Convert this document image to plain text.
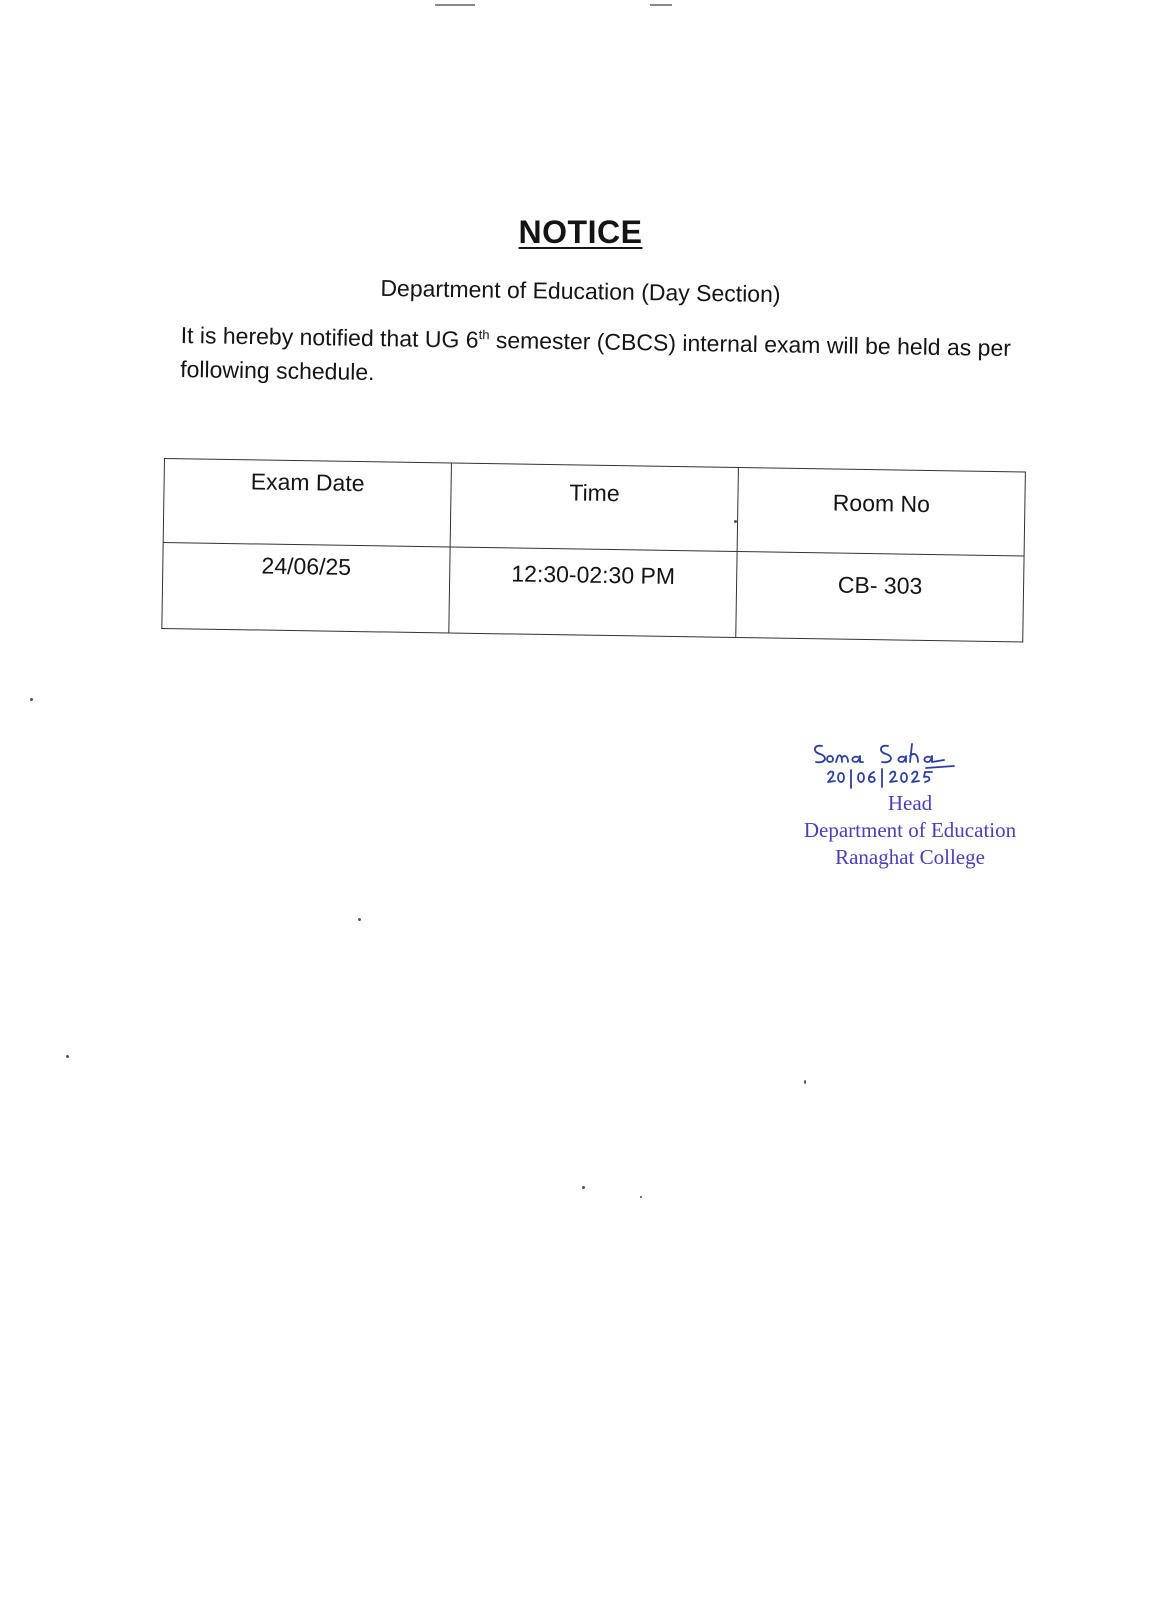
NOTICE
Department of Education (Day Section)
It is hereby notified that UG 6th semester (CBCS) internal exam will be held as per following schedule.
Exam Date	Time	Room No
24/06/25	12:30-02:30 PM	CB- 303
Head
Department of Education
Ranaghat College
